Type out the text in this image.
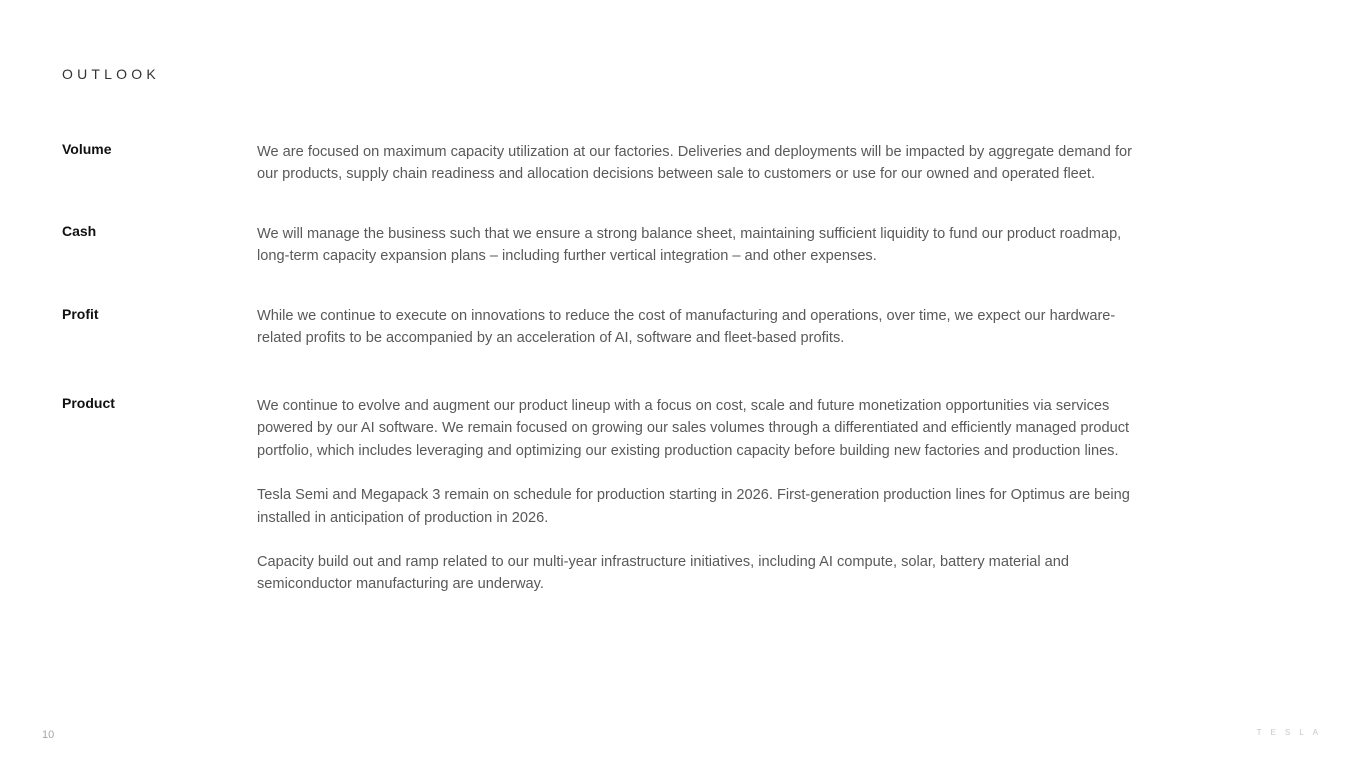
OUTLOOK
Volume	We are focused on maximum capacity utilization at our factories. Deliveries and deployments will be impacted by aggregate demand for

our products, supply chain readiness and allocation decisions between sale to customers or use for our owned and operated fleet.

Cash	We will manage the business such that we ensure a strong balance sheet, maintaining sufficient liquidity to fund our product roadmap,

long-term capacity expansion plans – including further vertical integration – and other expenses.

Profit	While we continue to execute on innovations to reduce the cost of manufacturing and operations, over time, we expect our hardware-

related profits to be accompanied by an acceleration of AI, software and fleet-based profits.

Product	We continue to evolve and augment our product lineup with a focus on cost, scale and future monetization opportunities via services

powered by our AI software. We remain focused on growing our sales volumes through a differentiated and efficiently managed product

portfolio, which includes leveraging and optimizing our existing production capacity before building new factories and production lines.

Tesla Semi and Megapack 3 remain on schedule for production starting in 2026. First-generation production lines for Optimus are being

installed in anticipation of production in 2026.

Capacity build out and ramp related to our multi-year infrastructure initiatives, including AI compute, solar, battery material and

semiconductor manufacturing are underway.

10	TESLA
